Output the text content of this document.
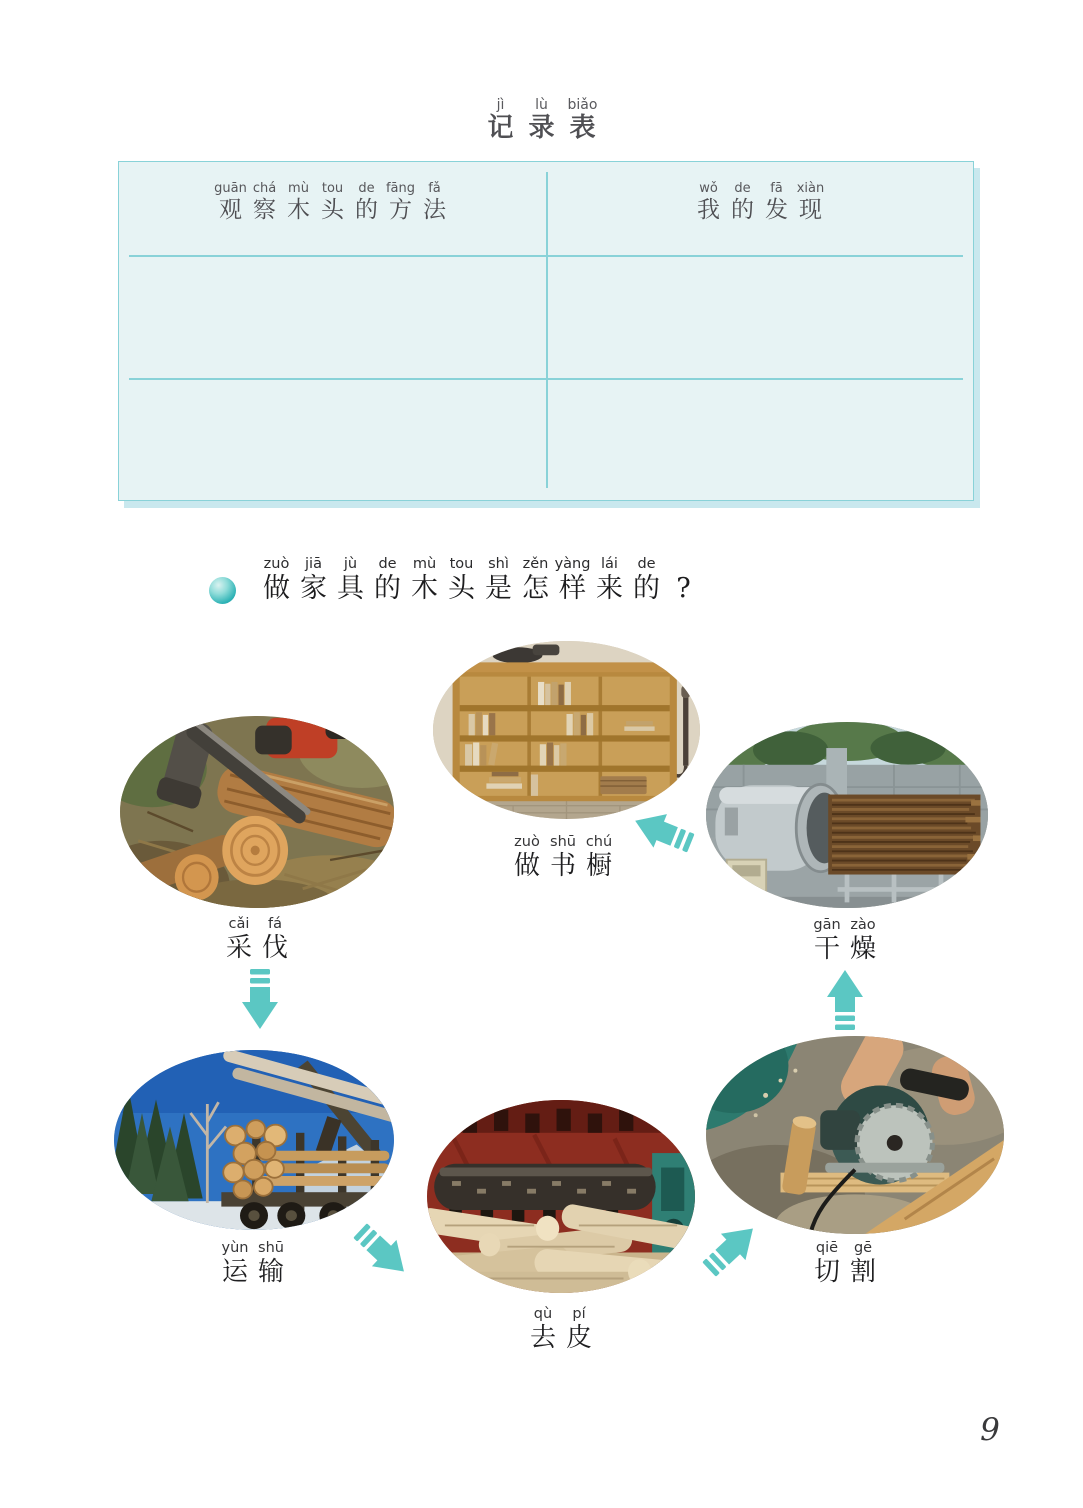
jì
记
lù
录
biǎo
表
guān
观
chá
察
mù
木
tou
头
de
的
fāng
方
fǎ
法
wǒ
我
de
的
fā
发
xiàn
现
zuò
做
jiā
家
jù
具
de
的
mù
木
tou
头
shì
是
zěn
怎
yàng
样
lái
来
de
的
?
cǎi
采
fá
伐
zuò
做
shū
书
chú
橱
gān
干
zào
燥
yùn
运
shū
输
qù
去
pí
皮
qiē
切
gē
割
9
